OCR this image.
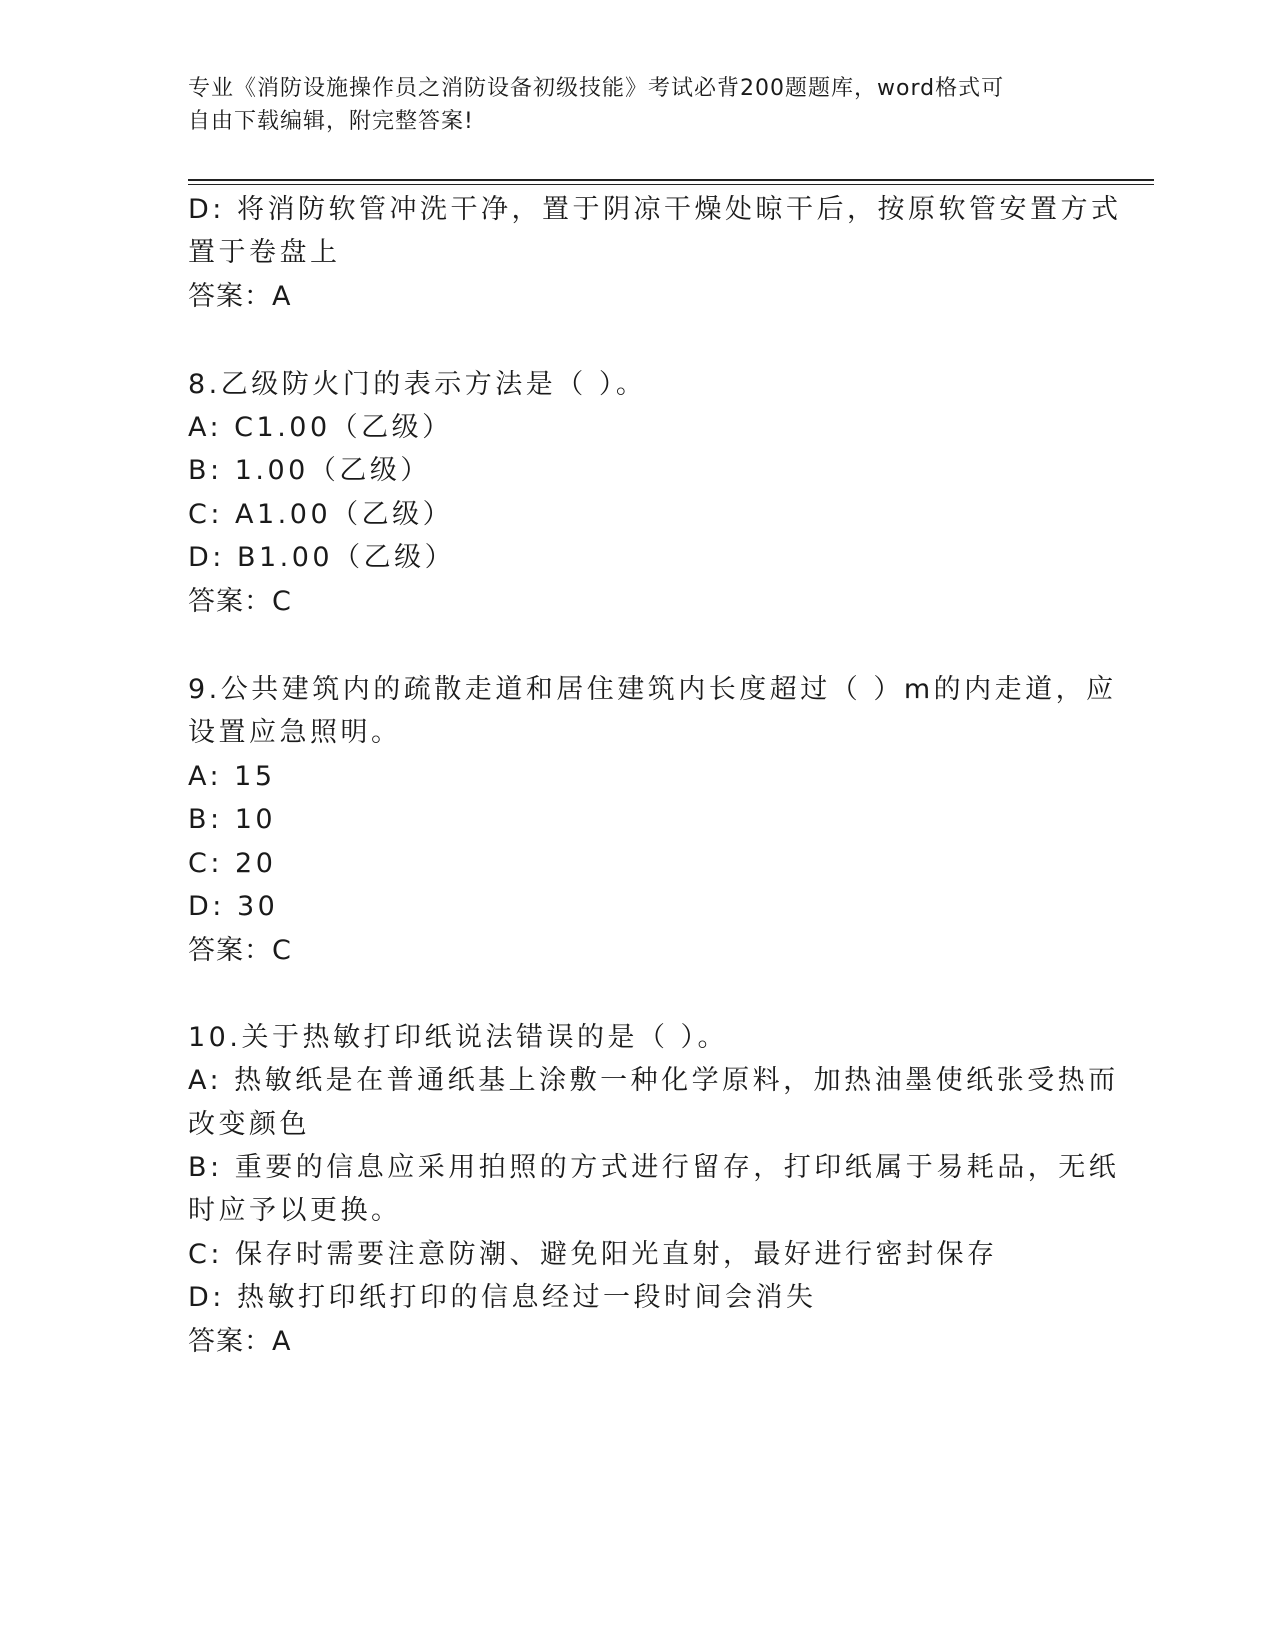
专业《消防设施操作员之消防设备初级技能》考试必背200题题库，word格式可
自由下载编辑，附完整答案!
D: 将消防软管冲洗干净，置于阴凉干燥处晾干后，按原软管安置方式
置于卷盘上
答案：A
8.乙级防火门的表示方法是（ ）。
A: C1.00（乙级）
B: 1.00（乙级）
C: A1.00（乙级）
D: B1.00（乙级）
答案：C
9.公共建筑内的疏散走道和居住建筑内长度超过（ ）m的内走道，应
设置应急照明。
A: 15
B: 10
C: 20
D: 30
答案：C
10.关于热敏打印纸说法错误的是（ ）。
A: 热敏纸是在普通纸基上涂敷一种化学原料，加热油墨使纸张受热而
改变颜色
B: 重要的信息应采用拍照的方式进行留存，打印纸属于易耗品，无纸
时应予以更换。
C: 保存时需要注意防潮、避免阳光直射，最好进行密封保存
D: 热敏打印纸打印的信息经过一段时间会消失
答案：A
